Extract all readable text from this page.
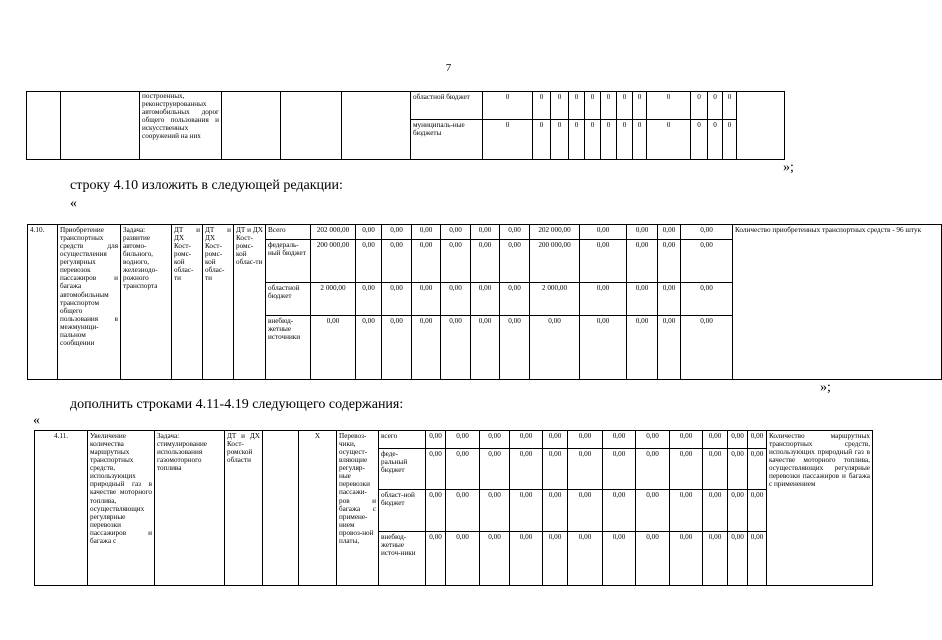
7
		построенных, реконструированных автомобильных дорог общего пользования и искусственных сооружений на них				областной бюджет	0	0	0	0	0	0	0	0	0	0	0	0	
						муниципаль-ные бюджеты	0	0	0	0	0	0	0	0	0	0	0	0	
»;
строку 4.10 изложить в следующей редакции:
«
4.10.	Приобретение транспортных средств для осуществления регулярных перевозок пассажиров и багажа автомобильным транспортом общего пользования в межмуници-пальном сообщении	Задача: развитие автомо-бильного, водного, железнодо-рожного транспорта	ДТ и ДХ Кост-ромс-кой облас-ти	ДТ и ДХ Кост-ромс-кой облас-ти	ДТ и ДХ Кост-ромс-кой облас-ти	Всего	202 000,00	0,00	0,00	0,00	0,00	0,00	0,00	202 000,00	0,00	0,00	0,00	0,00	Количество приобретенных транспортных средств - 96 штук
						федераль-ный бюджет	200 000,00	0,00	0,00	0,00	0,00	0,00	0,00	200 000,00	0,00	0,00	0,00	0,00	
						областной бюджет	2 000,00	0,00	0,00	0,00	0,00	0,00	0,00	2 000,00	0,00	0,00	0,00	0,00	
						внебюд-жетные источники	0,00	0,00	0,00	0,00	0,00	0,00	0,00	0,00	0,00	0,00	0,00	0,00	
»;
дополнить строками 4.11-4.19 следующего содержания:
«
4.11.	Увеличение количества маршрутных транспортных средств, использующих природный газ в качестве моторного топлива, осуществляющих регулярные перевозки пассажиров и багажа с	Задача: стимулирование использования газомоторного топлива	ДТ и ДХ Кост-ромской области		Х	Перевоз-чики, осущест-вляющие регуляр-ные перевозки пассажи-ров и багажа с примене-нием провоз-ной платы,	всего	0,00	0,00	0,00	0,00	0,00	0,00	0,00	0,00	0,00	0,00	0,00	0,00	Количество маршрутных транспортных средств, использующих природный газ в качестве моторного топлива, осуществляющих регулярные перевозки пассажиров и багажа с применением
							феде-ральный бюджет	0,00	0,00	0,00	0,00	0,00	0,00	0,00	0,00	0,00	0,00	0,00	0,00	
							област-ной бюджет	0,00	0,00	0,00	0,00	0,00	0,00	0,00	0,00	0,00	0,00	0,00	0,00	
							внебюд-жетные источ-ники	0,00	0,00	0,00	0,00	0,00	0,00	0,00	0,00	0,00	0,00	0,00	0,00	
